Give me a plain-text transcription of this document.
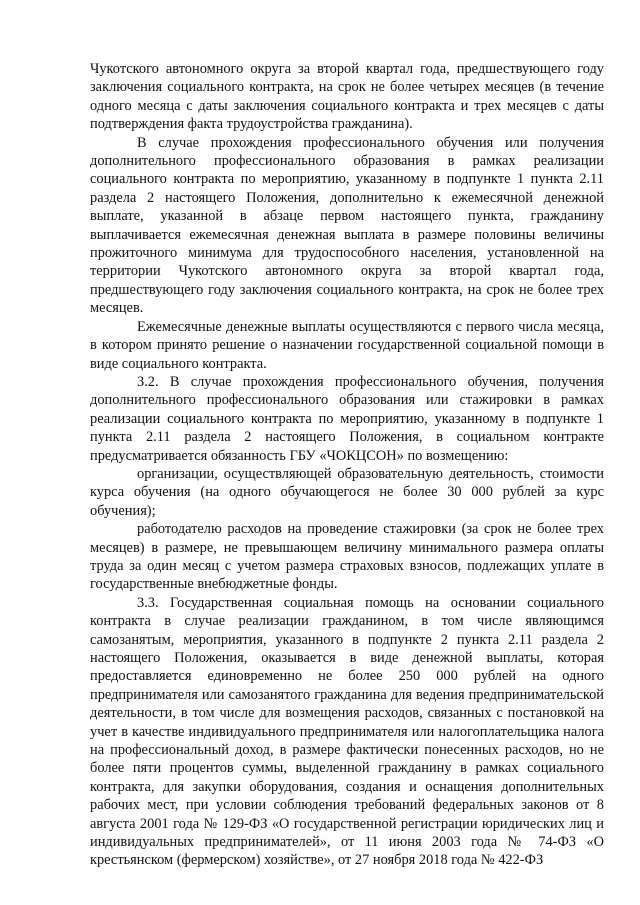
Чукотского автономного округа за второй квартал года, предшествующего году заключения социального контракта, на срок не более четырех месяцев (в течение одного месяца с даты заключения социального контракта и трех месяцев с даты подтверждения факта трудоустройства гражданина).

В случае прохождения профессионального обучения или получения дополнительного профессионального образования в рамках реализации социального контракта по мероприятию, указанному в подпункте 1 пункта 2.11 раздела 2 настоящего Положения, дополнительно к ежемесячной денежной выплате, указанной в абзаце первом настоящего пункта, гражданину выплачивается ежемесячная денежная выплата в размере половины величины прожиточного минимума для трудоспособного населения, установленной на территории Чукотского автономного округа за второй квартал года, предшествующего году заключения социального контракта, на срок не более трех месяцев.

Ежемесячные денежные выплаты осуществляются с первого числа месяца, в котором принято решение о назначении государственной социальной помощи в виде социального контракта.

3.2. В случае прохождения профессионального обучения, получения дополнительного профессионального образования или стажировки в рамках реализации социального контракта по мероприятию, указанному в подпункте 1 пункта 2.11 раздела 2 настоящего Положения, в социальном контракте предусматривается обязанность ГБУ «ЧОКЦСОН» по возмещению:

организации, осуществляющей образовательную деятельность, стоимости курса обучения (на одного обучающегося не более 30 000 рублей за курс обучения);

работодателю расходов на проведение стажировки (за срок не более трех месяцев) в размере, не превышающем величину минимального размера оплаты труда за один месяц с учетом размера страховых взносов, подлежащих уплате в государственные внебюджетные фонды.

3.3. Государственная социальная помощь на основании социального контракта в случае реализации гражданином, в том числе являющимся самозанятым, мероприятия, указанного в подпункте 2 пункта 2.11 раздела 2 настоящего Положения, оказывается в виде денежной выплаты, которая предоставляется единовременно не более 250 000 рублей на одного предпринимателя или самозанятого гражданина для ведения предпринимательской деятельности, в том числе для возмещения расходов, связанных с постановкой на учет в качестве индивидуального предпринимателя или налогоплательщика налога на профессиональный доход, в размере фактически понесенных расходов, но не более пяти процентов суммы, выделенной гражданину в рамках социального контракта, для закупки оборудования, создания и оснащения дополнительных рабочих мест, при условии соблюдения требований федеральных законов от 8 августа 2001 года № 129-ФЗ «О государственной регистрации юридических лиц и индивидуальных предпринимателей», от 11 июня 2003 года № 74-ФЗ «О крестьянском (фермерском) хозяйстве», от 27 ноября 2018 года № 422-ФЗ
